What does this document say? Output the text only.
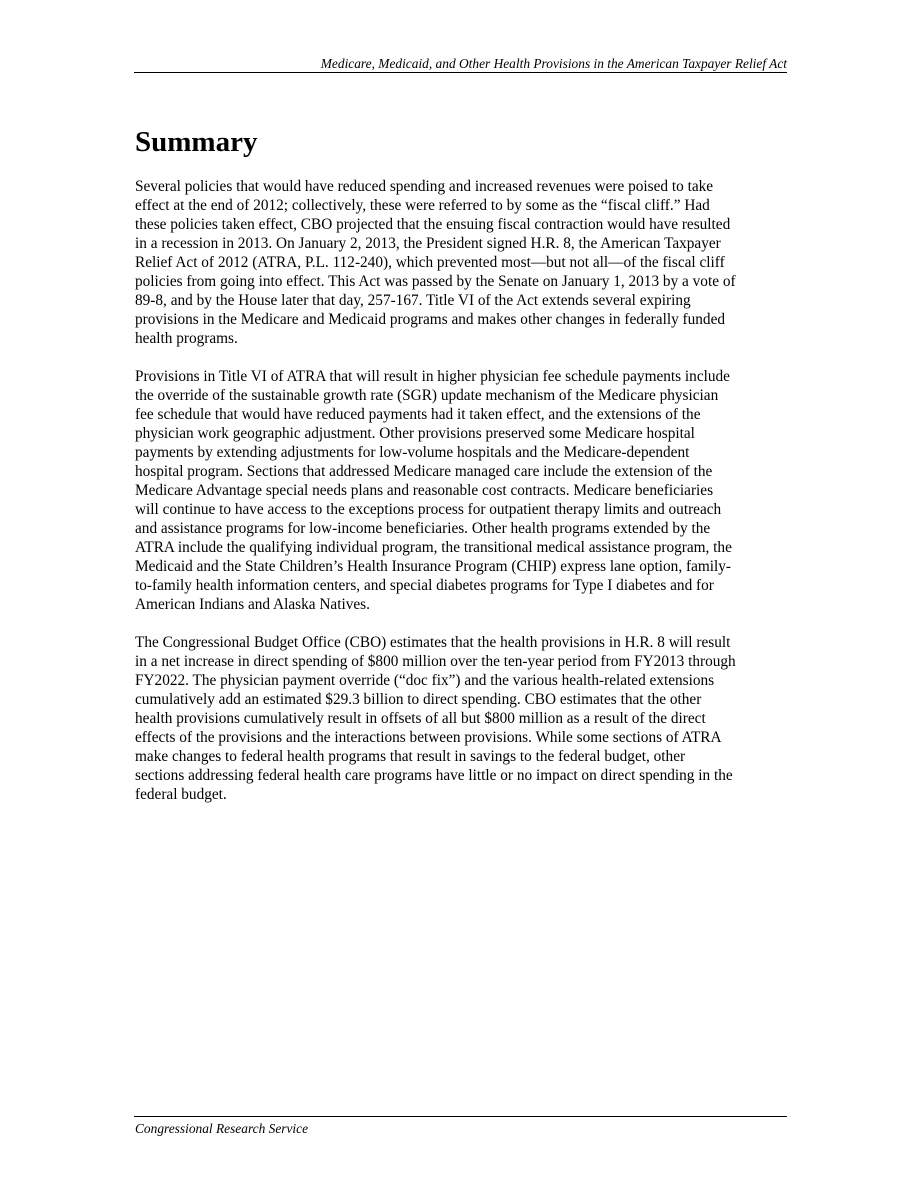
Medicare, Medicaid, and Other Health Provisions in the American Taxpayer Relief Act
Summary

Several policies that would have reduced spending and increased revenues were poised to take
effect at the end of 2012; collectively, these were referred to by some as the “fiscal cliff.” Had
these policies taken effect, CBO projected that the ensuing fiscal contraction would have resulted
in a recession in 2013. On January 2, 2013, the President signed H.R. 8, the American Taxpayer
Relief Act of 2012 (ATRA, P.L. 112-240), which prevented most—but not all—of the fiscal cliff
policies from going into effect. This Act was passed by the Senate on January 1, 2013 by a vote of
89-8, and by the House later that day, 257-167. Title VI of the Act extends several expiring
provisions in the Medicare and Medicaid programs and makes other changes in federally funded
health programs.

Provisions in Title VI of ATRA that will result in higher physician fee schedule payments include
the override of the sustainable growth rate (SGR) update mechanism of the Medicare physician
fee schedule that would have reduced payments had it taken effect, and the extensions of the
physician work geographic adjustment. Other provisions preserved some Medicare hospital
payments by extending adjustments for low-volume hospitals and the Medicare-dependent
hospital program. Sections that addressed Medicare managed care include the extension of the
Medicare Advantage special needs plans and reasonable cost contracts. Medicare beneficiaries
will continue to have access to the exceptions process for outpatient therapy limits and outreach
and assistance programs for low-income beneficiaries. Other health programs extended by the
ATRA include the qualifying individual program, the transitional medical assistance program, the
Medicaid and the State Children’s Health Insurance Program (CHIP) express lane option, family-
to-family health information centers, and special diabetes programs for Type I diabetes and for
American Indians and Alaska Natives.

The Congressional Budget Office (CBO) estimates that the health provisions in H.R. 8 will result
in a net increase in direct spending of $800 million over the ten-year period from FY2013 through
FY2022. The physician payment override (“doc fix”) and the various health-related extensions
cumulatively add an estimated $29.3 billion to direct spending. CBO estimates that the other
health provisions cumulatively result in offsets of all but $800 million as a result of the direct
effects of the provisions and the interactions between provisions. While some sections of ATRA
make changes to federal health programs that result in savings to the federal budget, other
sections addressing federal health care programs have little or no impact on direct spending in the
federal budget.

Congressional Research Service
